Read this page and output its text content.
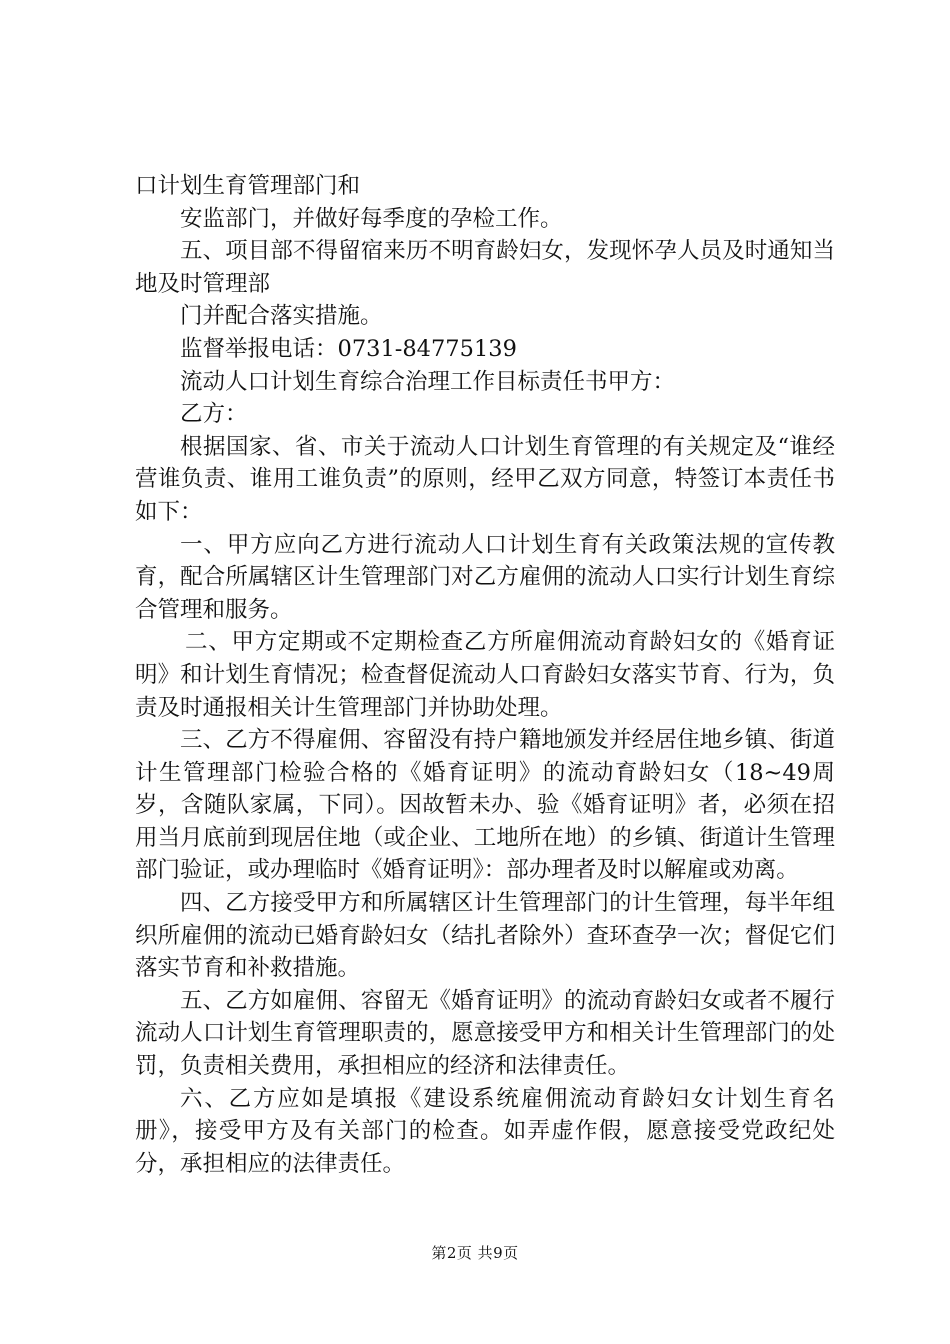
口计划生育管理部门和

安监部门，并做好每季度的孕检工作。

五、项目部不得留宿来历不明育龄妇女，发现怀孕人员及时通知当地及时管理部

门并配合落实措施。

监督举报电话：0731-84775139

流动人口计划生育综合治理工作目标责任书甲方：

乙方：

根据国家、省、市关于流动人口计划生育管理的有关规定及“谁经营谁负责、谁用工谁负责”的原则，经甲乙双方同意，特签订本责任书如下：

一、甲方应向乙方进行流动人口计划生育有关政策法规的宣传教育，配合所属辖区计生管理部门对乙方雇佣的流动人口实行计划生育综合管理和服务。

二、甲方定期或不定期检查乙方所雇佣流动育龄妇女的《婚育证明》和计划生育情况；检查督促流动人口育龄妇女落实节育、行为，负责及时通报相关计生管理部门并协助处理。

三、乙方不得雇佣、容留没有持户籍地颁发并经居住地乡镇、街道计生管理部门检验合格的《婚育证明》的流动育龄妇女（18~49周岁，含随队家属，下同）。因故暂未办、验《婚育证明》者，必须在招用当月底前到现居住地（或企业、工地所在地）的乡镇、街道计生管理部门验证，或办理临时《婚育证明》：部办理者及时以解雇或劝离。

四、乙方接受甲方和所属辖区计生管理部门的计生管理，每半年组织所雇佣的流动已婚育龄妇女（结扎者除外）查环查孕一次；督促它们落实节育和补救措施。

五、乙方如雇佣、容留无《婚育证明》的流动育龄妇女或者不履行流动人口计划生育管理职责的，愿意接受甲方和相关计生管理部门的处罚，负责相关费用，承担相应的经济和法律责任。

六、乙方应如是填报《建设系统雇佣流动育龄妇女计划生育名册》，接受甲方及有关部门的检查。如弄虚作假，愿意接受党政纪处分，承担相应的法律责任。

第2页 共9页
